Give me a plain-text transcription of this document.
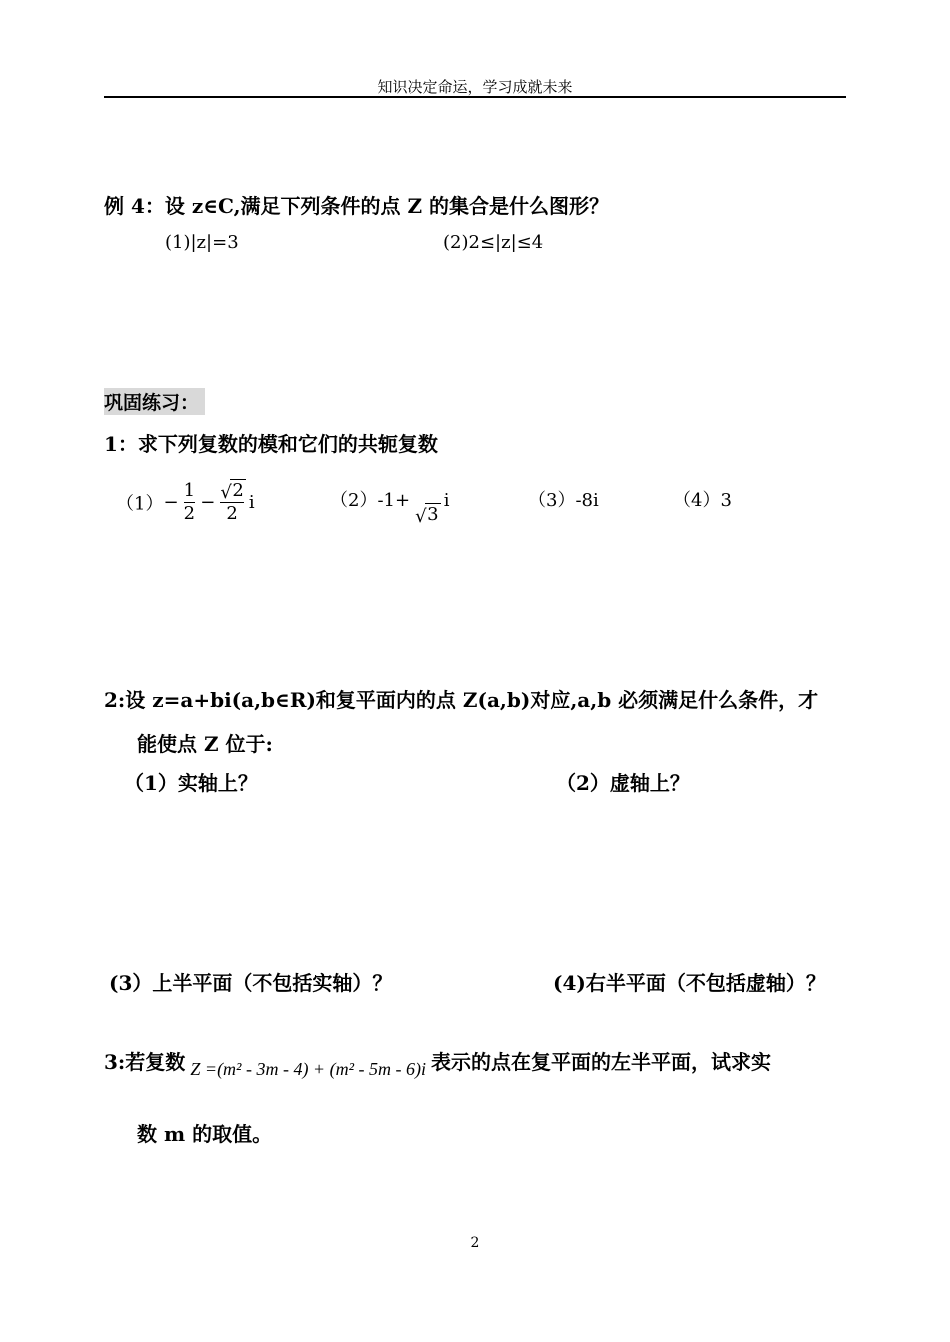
知识决定命运，学习成就未来
例 4：设 z∈C,满足下列条件的点 Z 的集合是什么图形？
(1)|z|=3	(2)2≤|z|≤4
巩固练习：
1：求下列复数的模和它们的共轭复数
$(1)- \frac{1}{2} - \frac{√ 2}{2}$ i	（2）-1+
√ 3 i	（3）-8i	（4）3
2:设 z=a+bi(a,b∈R)和复平面内的点 Z(a,b)对应,a,b 必须满足什么条件，才
能使点 Z 位于:
（1）实轴上？	（2）虚轴上？
(3）上半平面（不包括实轴）？	(4)右半平面（不包括虚轴）？
3:若复数 Z =(m² - 3m - 4) + (m² - 5m - 6)i 表示的点在复平面的左半平面，试求实
数 m 的取值。
2
